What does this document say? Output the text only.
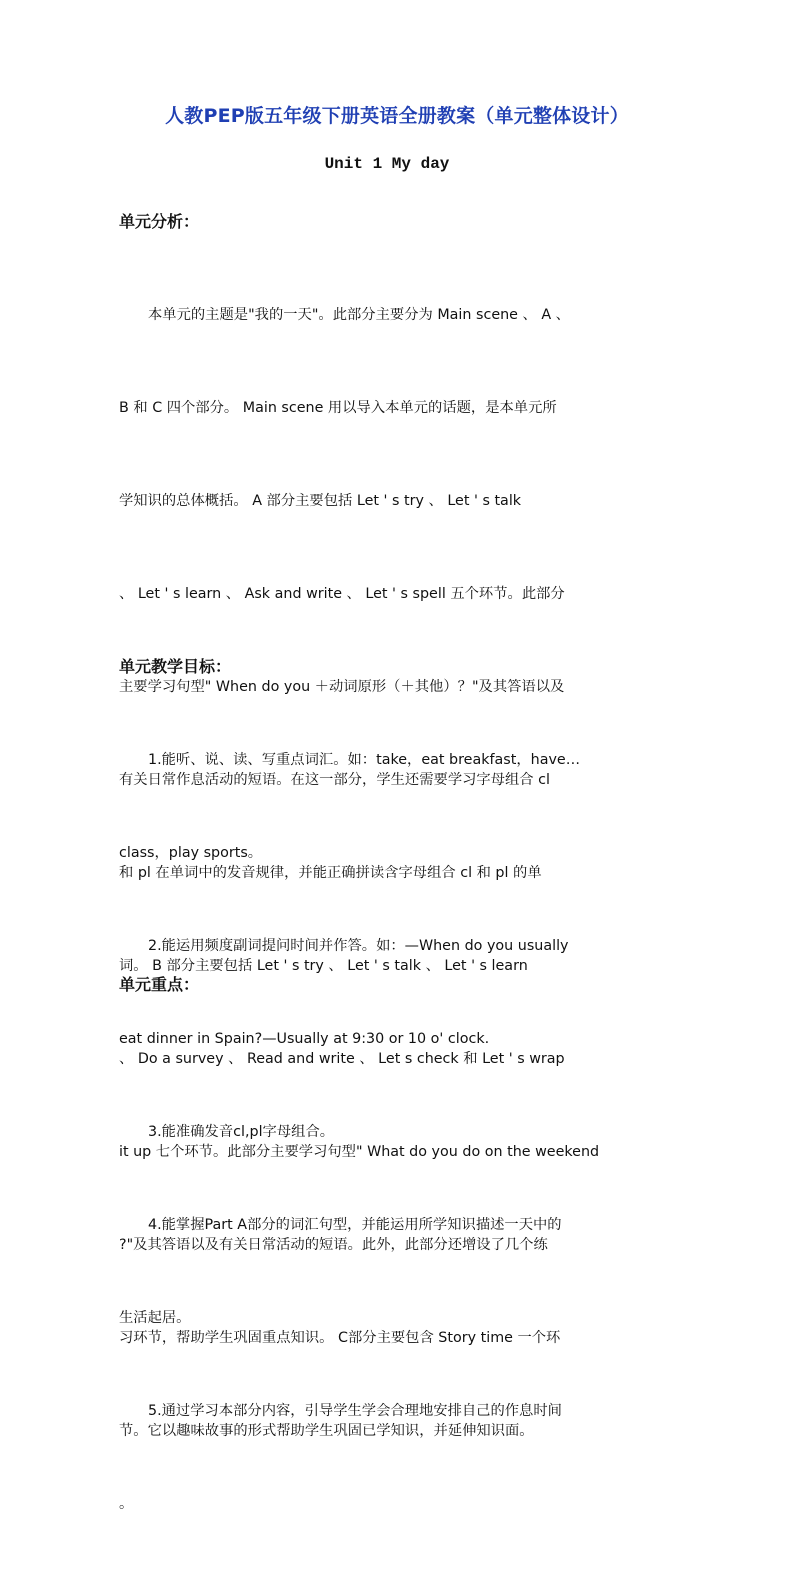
人教PEP版五年级下册英语全册教案（单元整体设计）
Unit 1 My day
单元分析：

本单元的主题是"我的一天"。此部分主要分为 Main scene 、 A 、

B 和 C 四个部分。 Main scene 用以导入本单元的话题，是本单元所

学知识的总体概括。 A 部分主要包括 Let ' s try 、 Let ' s talk

、 Let ' s learn 、 Ask and write 、 Let ' s spell 五个环节。此部分

主要学习句型" When do you ＋动词原形（＋其他）？"及其答语以及

有关日常作息活动的短语。在这一部分，学生还需要学习字母组合 cl

和 pl 在单词中的发音规律，并能正确拼读含字母组合 cl 和 pl 的单

词。 B 部分主要包括 Let ' s try 、 Let ' s talk 、 Let ' s learn

、 Do a survey 、 Read and write 、 Let s check 和 Let ' s wrap

it up 七个环节。此部分主要学习句型" What do you do on the weekend

?"及其答语以及有关日常活动的短语。此外，此部分还增设了几个练

习环节，帮助学生巩固重点知识。 C部分主要包含 Story time 一个环

节。它以趣味故事的形式帮助学生巩固已学知识，并延伸知识面。

单元教学目标：

1.能听、说、读、写重点词汇。如：take，eat breakfast，have…

class，play sports。

2.能运用频度副词提问时间并作答。如：—When do you usually

eat dinner in Spain?—Usually at 9:30 or 10 o' clock.

3.能准确发音cl,pl字母组合。

4.能掌握Part A部分的词汇句型，并能运用所学知识描述一天中的

生活起居。

5.通过学习本部分内容，引导学生学会合理地安排自己的作息时间

。

单元重点：
